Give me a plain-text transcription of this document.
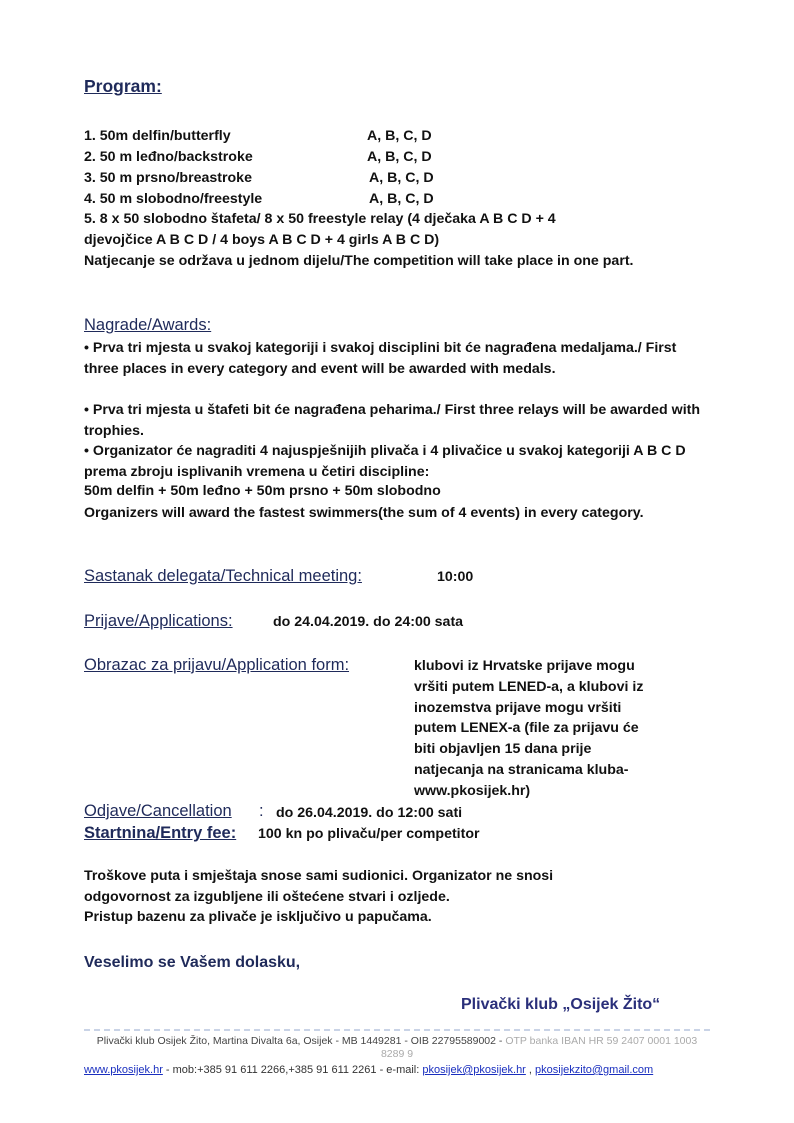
Program:
1. 50m delfin/butterfly	A, B, C, D
2. 50 m leđno/backstroke	A, B, C, D
3. 50 m prsno/breastroke	A, B, C, D
4. 50 m slobodno/freestyle	A, B, C, D
5. 8 x 50 slobodno štafeta/ 8 x 50 freestyle relay (4 dječaka A B C D + 4
djevojčice A B C D / 4 boys A B C D + 4 girls A B C D)
Natjecanje se održava u jednom dijelu/The competition will take place in one part.
Nagrade/Awards:
• Prva tri mjesta u svakoj kategoriji i svakoj disciplini bit će nagrađena medaljama./ First three places in every category and event will be awarded with medals.
• Prva tri mjesta u štafeti bit će nagrađena peharima./ First three relays will be awarded with trophies.
• Organizator će nagraditi 4 najuspješnijih plivača i 4 plivačice u svakoj kategoriji A B C D prema zbroju isplivanih vremena u četiri discipline:
50m delfin + 50m leđno + 50m prsno + 50m slobodno
Organizers will award the fastest swimmers(the sum of 4 events) in every category.
Sastanak delegata/Technical meeting:	10:00
Prijave/Applications:	do 24.04.2019. do 24:00 sata
Obrazac za prijavu/Application form:	klubovi iz Hrvatske prijave mogu
vršiti putem LENED-a, a klubovi iz
inozemstva prijave mogu vršiti
putem LENEX-a (file za prijavu će
biti objavljen 15 dana prije
natjecanja na stranicama kluba-
www.pkosijek.hr)
Odjave/Cancellation : do 26.04.2019. do 12:00 sati
Startnina/Entry fee: 100 kn po plivaču/per competitor
Troškove puta i smještaja snose sami sudionici. Organizator ne snosi
odgovornost za izgubljene ili oštećene stvari i ozljede.
Pristup bazenu za plivače je isključivo u papučama.
Veselimo se Vašem dolasku,
Plivački klub „Osijek Žito“
Plivački klub Osijek Žito, Martina Divalta 6a, Osijek - MB 1449281 - OIB 22795589002 - OTP banka IBAN HR 59 2407 0001 1003 8289 9
www.pkosijek.hr - mob:+385 91 611 2266,+385 91 611 2261 - e-mail: pkosijek@pkosijek.hr , pkosijekzito@gmail.com
